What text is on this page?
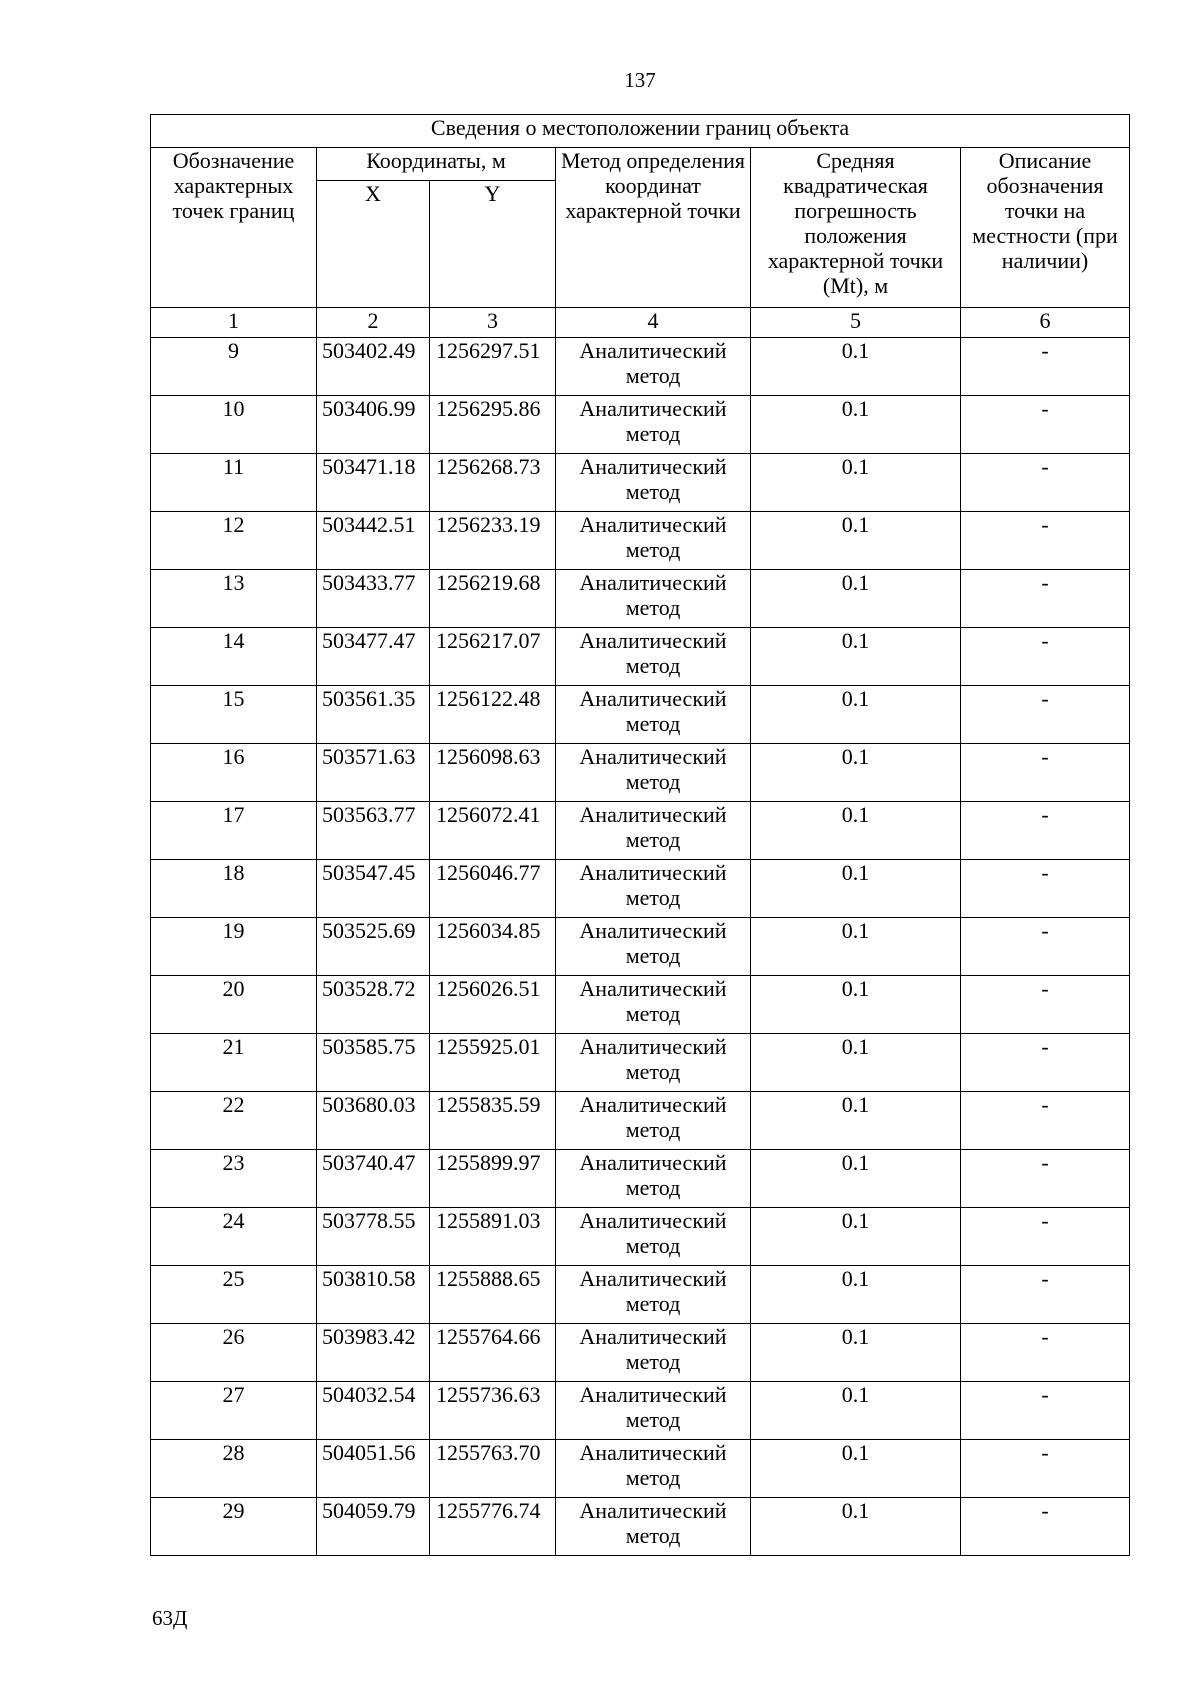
137
Сведения о местоположении границ объекта					
Обозначение характерных точек границ	Координаты, м		Метод определения координат характерной точки	Средняя квадратическая погрешность положения характерной точки (Mt), м	Описание обозначения точки на местности (при наличии)
	X	Y			
1	2	3	4	5	6
9	503402.49	1256297.51	Аналитический метод	0.1	-
10	503406.99	1256295.86	Аналитический метод	0.1	-
11	503471.18	1256268.73	Аналитический метод	0.1	-
12	503442.51	1256233.19	Аналитический метод	0.1	-
13	503433.77	1256219.68	Аналитический метод	0.1	-
14	503477.47	1256217.07	Аналитический метод	0.1	-
15	503561.35	1256122.48	Аналитический метод	0.1	-
16	503571.63	1256098.63	Аналитический метод	0.1	-
17	503563.77	1256072.41	Аналитический метод	0.1	-
18	503547.45	1256046.77	Аналитический метод	0.1	-
19	503525.69	1256034.85	Аналитический метод	0.1	-
20	503528.72	1256026.51	Аналитический метод	0.1	-
21	503585.75	1255925.01	Аналитический метод	0.1	-
22	503680.03	1255835.59	Аналитический метод	0.1	-
23	503740.47	1255899.97	Аналитический метод	0.1	-
24	503778.55	1255891.03	Аналитический метод	0.1	-
25	503810.58	1255888.65	Аналитический метод	0.1	-
26	503983.42	1255764.66	Аналитический метод	0.1	-
27	504032.54	1255736.63	Аналитический метод	0.1	-
28	504051.56	1255763.70	Аналитический метод	0.1	-
29	504059.79	1255776.74	Аналитический метод	0.1	-
63Д
